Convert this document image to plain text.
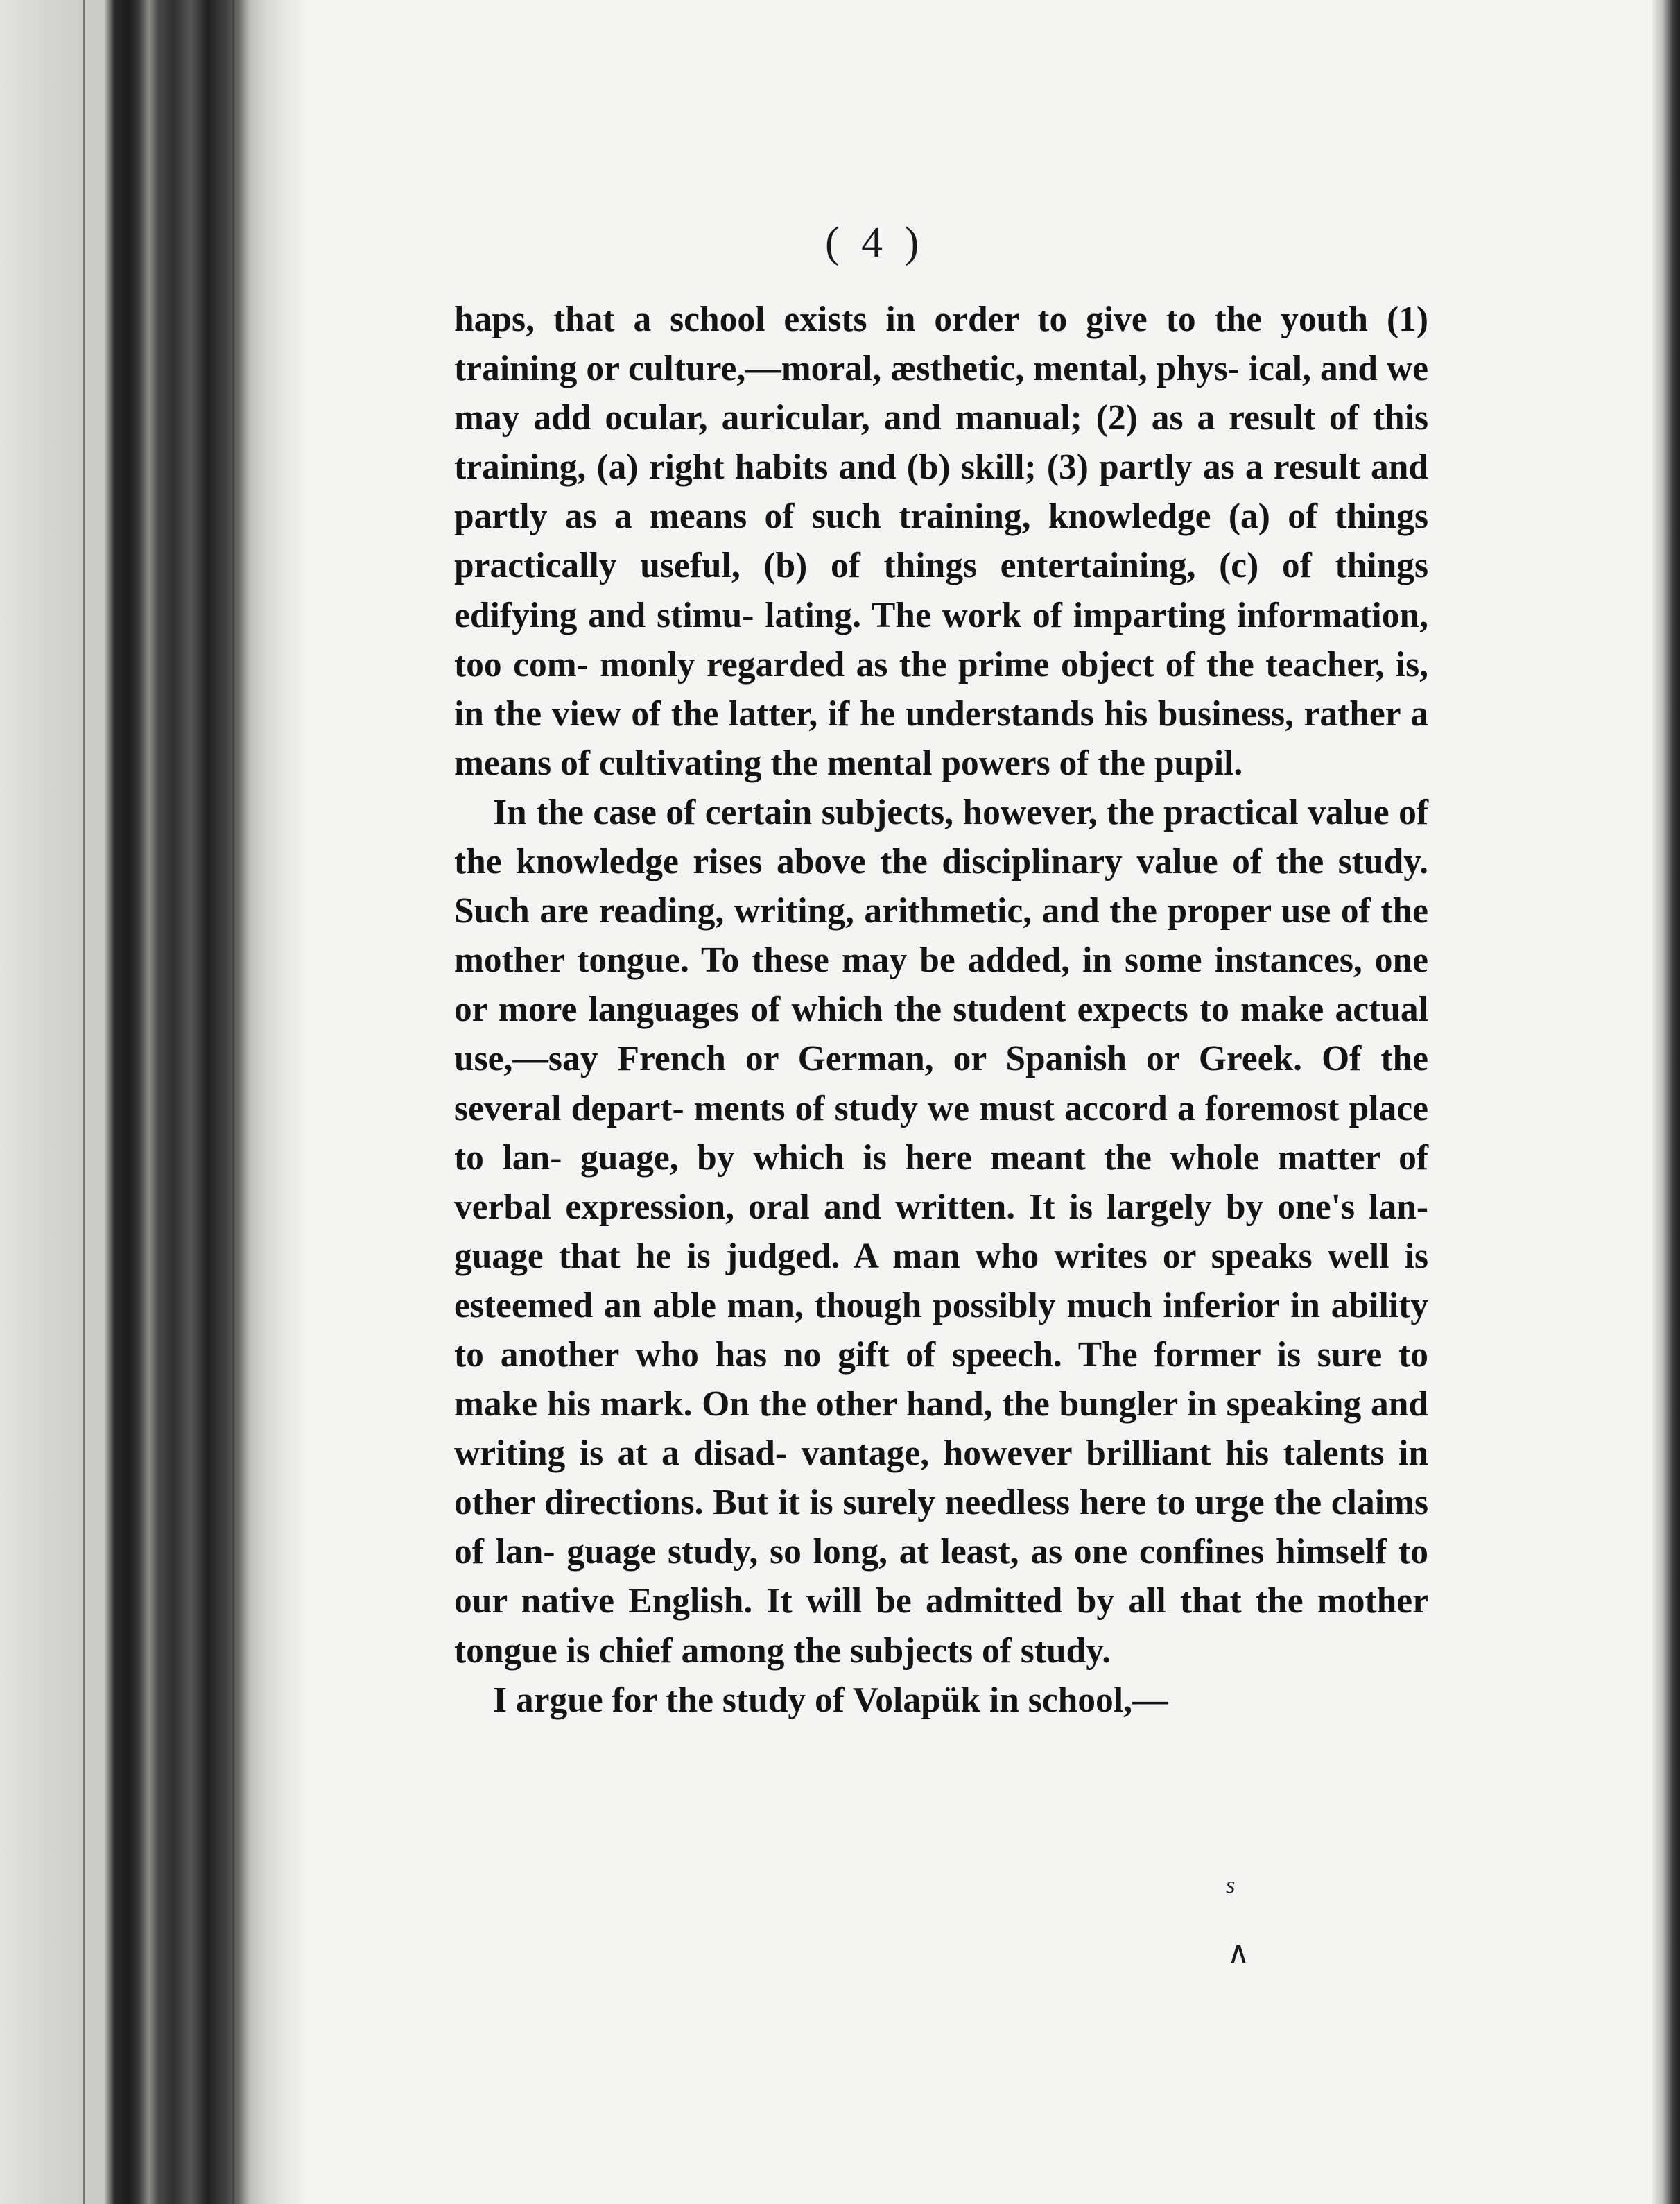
( 4 )

haps, that a school exists in order to give to the youth (1) training or culture,—moral, æsthetic, mental, phys- ical, and we may add ocular, auricular, and manual; (2) as a result of this training, (a) right habits and (b) skill; (3) partly as a result and partly as a means of such training, knowledge (a) of things practically useful, (b) of things entertaining, (c) of things edifying and stimu- lating. The work of imparting information, too com- monly regarded as the prime object of the teacher, is, in the view of the latter, if he understands his business, rather a means of cultivating the mental powers of the pupil.

In the case of certain subjects, however, the practical value of the knowledge rises above the disciplinary value of the study. Such are reading, writing, arithmetic, and the proper use of the mother tongue. To these may be added, in some instances, one or more languages of which the student expects to make actual use,—say French or German, or Spanish or Greek. Of the several depart- ments of study we must accord a foremost place to lan- guage, by which is here meant the whole matter of verbal expression, oral and written. It is largely by one's lan- guage that he is judged. A man who writes or speaks well is esteemed an able man, though possibly much inferior in ability to another who has no gift of speech. The former is sure to make his mark. On the other hand, the bungler in speaking and writing is at a disad- vantage, however brilliant his talents in other directions. But it is surely needless here to urge the claims of lan- guage study, so long, at least, as one confines himself to our native English. It will be admitted by all that the mother tongue is chief among the subjects of study.

I argue for the study of Volapük in school,—

s
∧
